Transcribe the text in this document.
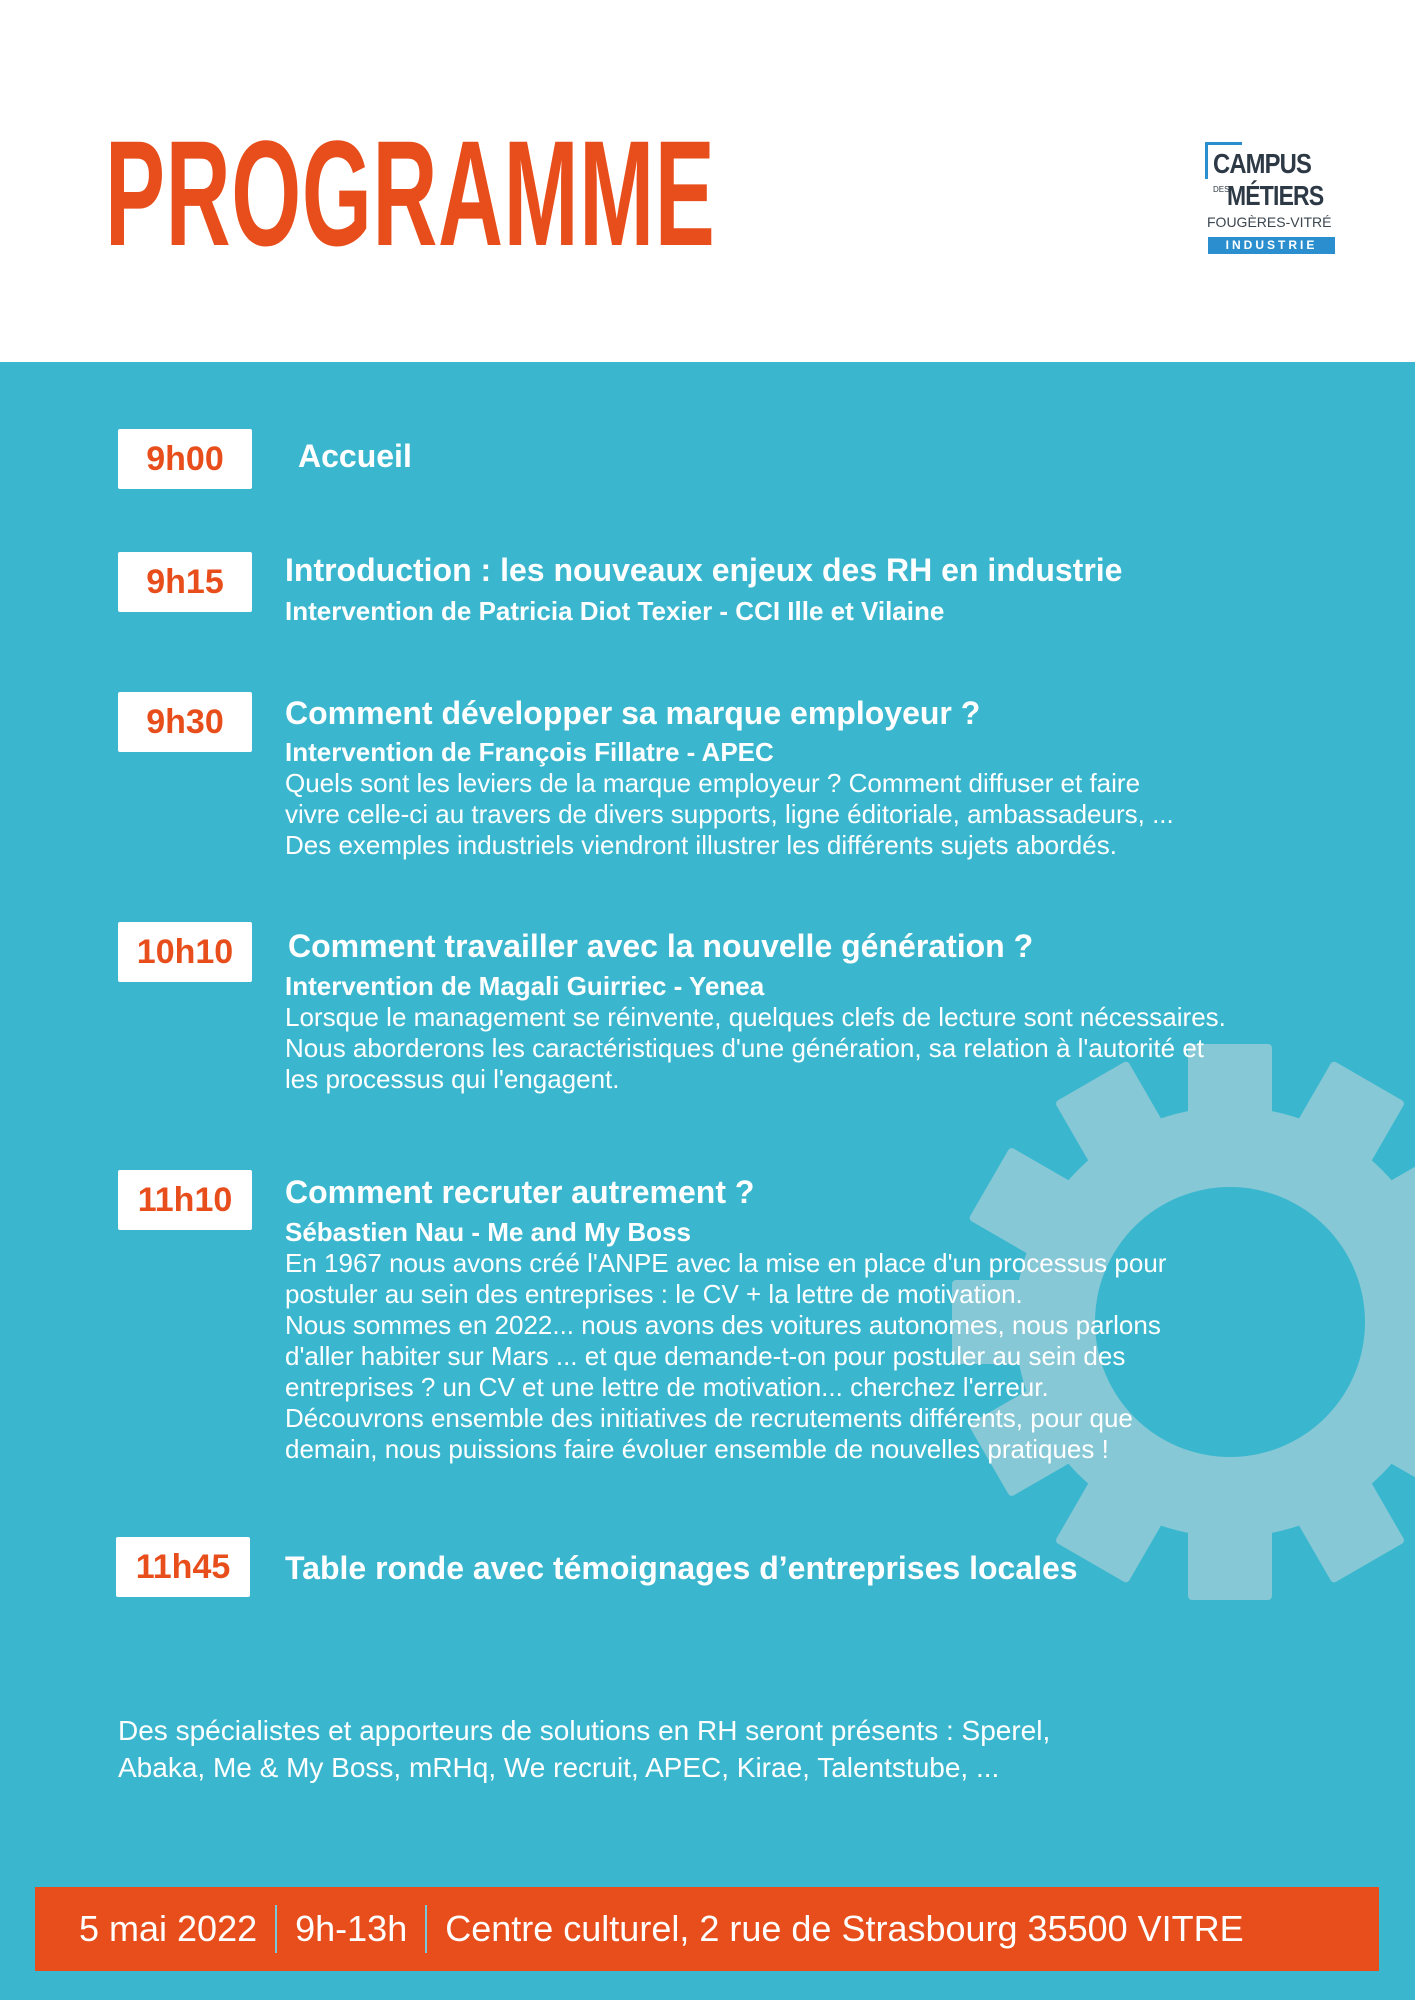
PROGRAMME	CAMPUS
DES
MÉTIERS
FOUGÈRES-VITRÉ
INDUSTRIE
9h00	Accueil
9h15	Introduction : les nouveaux enjeux des RH en industrie
Intervention de Patricia Diot Texier - CCI Ille et Vilaine
9h30	Comment développer sa marque employeur ?
Intervention de François Fillatre - APEC
Quels sont les leviers de la marque employeur ? Comment diffuser et faire
vivre celle-ci au travers de divers supports, ligne éditoriale, ambassadeurs, ...
Des exemples industriels viendront illustrer les différents sujets abordés.
10h10	Comment travailler avec la nouvelle génération ?
Intervention de Magali Guirriec - Yenea
Lorsque le management se réinvente, quelques clefs de lecture sont nécessaires.
Nous aborderons les caractéristiques d'une génération, sa relation à l'autorité et
les processus qui l'engagent.
11h10	Comment recruter autrement ?
Sébastien Nau - Me and My Boss
En 1967 nous avons créé l'ANPE avec la mise en place d'un processus pour
postuler au sein des entreprises : le CV + la lettre de motivation.
Nous sommes en 2022... nous avons des voitures autonomes, nous parlons
d'aller habiter sur Mars ... et que demande-t-on pour postuler au sein des
entreprises ? un CV et une lettre de motivation... cherchez l'erreur.
Découvrons ensemble des initiatives de recrutements différents, pour que
demain, nous puissions faire évoluer ensemble de nouvelles pratiques !
11h45	Table ronde avec témoignages d’entreprises locales
Des spécialistes et apporteurs de solutions en RH seront présents : Sperel,
Abaka, Me & My Boss, mRHq, We recruit, APEC, Kirae, Talentstube, ...
5 mai 2022 9h-13h Centre culturel, 2 rue de Strasbourg 35500 VITRE
